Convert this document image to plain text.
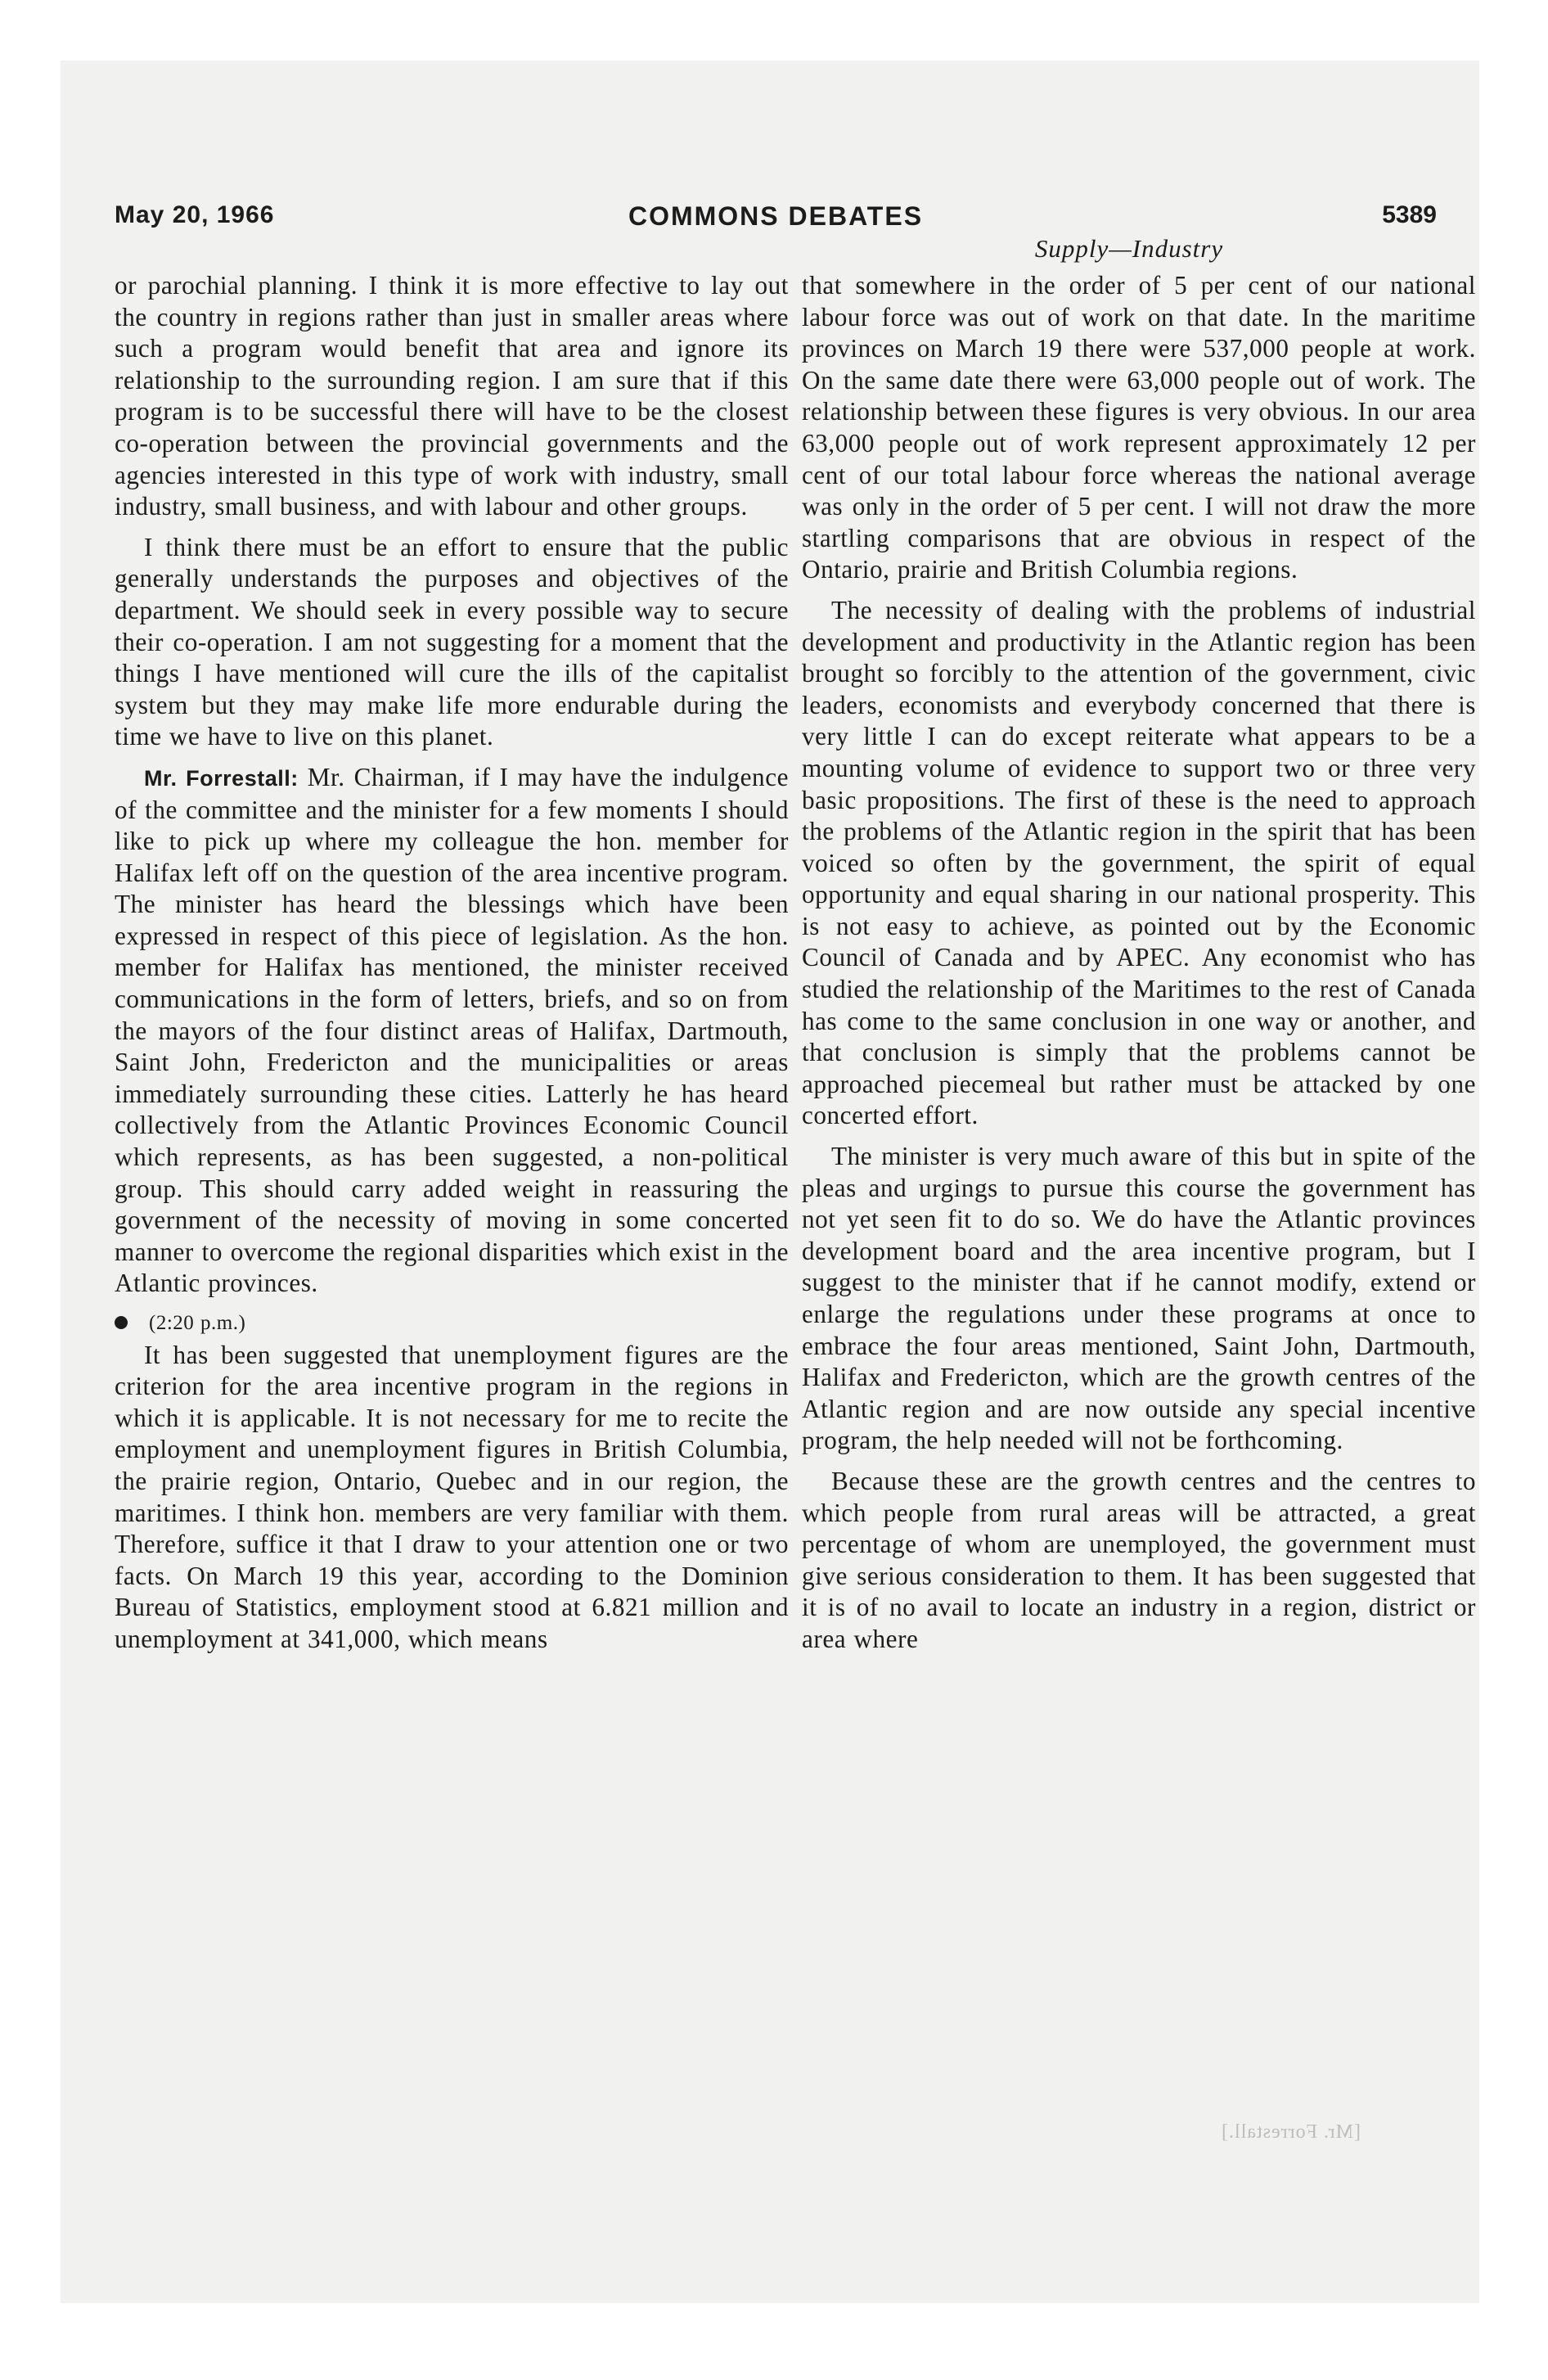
May 20, 1966	COMMONS DEBATES	5389
Supply—Industry

or parochial planning. I think it is more effective to lay out the country in regions rather than just in smaller areas where such a program would benefit that area and ignore its relationship to the surrounding region. I am sure that if this program is to be successful there will have to be the closest co-operation between the provincial governments and the agencies interested in this type of work with industry, small industry, small business, and with labour and other groups.

I think there must be an effort to ensure that the public generally understands the purposes and objectives of the department. We should seek in every possible way to secure their co-operation. I am not suggesting for a moment that the things I have mentioned will cure the ills of the capitalist system but they may make life more endurable during the time we have to live on this planet.

Mr. Forrestall: Mr. Chairman, if I may have the indulgence of the committee and the minister for a few moments I should like to pick up where my colleague the hon. member for Halifax left off on the question of the area incentive program. The minister has heard the blessings which have been expressed in respect of this piece of legislation. As the hon. member for Halifax has mentioned, the minister received communications in the form of letters, briefs, and so on from the mayors of the four distinct areas of Halifax, Dartmouth, Saint John, Fredericton and the municipalities or areas immediately surrounding these cities. Latterly he has heard collectively from the Atlantic Provinces Economic Council which represents, as has been suggested, a non-political group. This should carry added weight in reassuring the government of the necessity of moving in some concerted manner to overcome the regional disparities which exist in the Atlantic provinces.

(2:20 p.m.)

It has been suggested that unemployment figures are the criterion for the area incentive program in the regions in which it is applicable. It is not necessary for me to recite the employment and unemployment figures in British Columbia, the prairie region, Ontario, Quebec and in our region, the maritimes. I think hon. members are very familiar with them. Therefore, suffice it that I draw to your attention one or two facts. On March 19 this year, according to the Dominion Bureau of Statistics, employment stood at 6.821 million and unemployment at 341,000, which means

that somewhere in the order of 5 per cent of our national labour force was out of work on that date. In the maritime provinces on March 19 there were 537,000 people at work. On the same date there were 63,000 people out of work. The relationship between these figures is very obvious. In our area 63,000 people out of work represent approximately 12 per cent of our total labour force whereas the national average was only in the order of 5 per cent. I will not draw the more startling comparisons that are obvious in respect of the Ontario, prairie and British Columbia regions.

The necessity of dealing with the problems of industrial development and productivity in the Atlantic region has been brought so forcibly to the attention of the government, civic leaders, economists and everybody concerned that there is very little I can do except reiterate what appears to be a mounting volume of evidence to support two or three very basic propositions. The first of these is the need to approach the problems of the Atlantic region in the spirit that has been voiced so often by the government, the spirit of equal opportunity and equal sharing in our national prosperity. This is not easy to achieve, as pointed out by the Economic Council of Canada and by APEC. Any economist who has studied the relationship of the Maritimes to the rest of Canada has come to the same conclusion in one way or another, and that conclusion is simply that the problems cannot be approached piecemeal but rather must be attacked by one concerted effort.

The minister is very much aware of this but in spite of the pleas and urgings to pursue this course the government has not yet seen fit to do so. We do have the Atlantic provinces development board and the area incentive program, but I suggest to the minister that if he cannot modify, extend or enlarge the regulations under these programs at once to embrace the four areas mentioned, Saint John, Dartmouth, Halifax and Fredericton, which are the growth centres of the Atlantic region and are now outside any special incentive program, the help needed will not be forthcoming.

Because these are the growth centres and the centres to which people from rural areas will be attracted, a great percentage of whom are unemployed, the government must give serious consideration to them. It has been suggested that it is of no avail to locate an industry in a region, district or area where

[Mr. Forrestall.]
